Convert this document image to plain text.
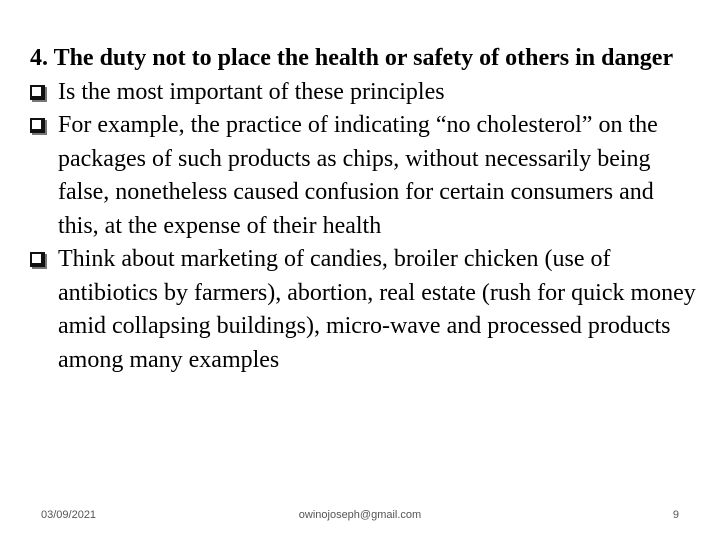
4. The duty not to place the health or safety of others in danger
Is the most important of these principles
For example, the practice of indicating “no cholesterol” on the packages of such products as chips, without necessarily being false, nonetheless caused confusion for certain consumers and this, at the expense of their health
Think about marketing of candies, broiler chicken (use of antibiotics by farmers), abortion, real estate (rush for quick money amid collapsing buildings), micro-wave and processed products among many examples
03/09/2021	owinojoseph@gmail.com	9
